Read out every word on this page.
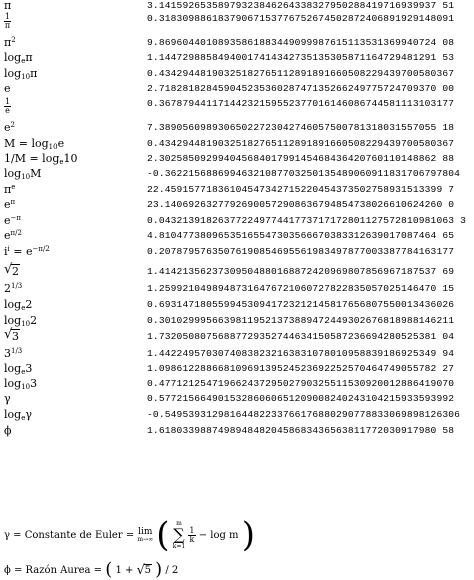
π	3.14159265358979323846264338327950288419716939937 51
$\frac{1}{\pi}$	0.31830988618379067153776752674502872406891929148091
$\pi^2$	9.86960440108935861883449099987615113531369940724 08
$\log_e\pi$	1.14472988584940017414342735135305871164729481291 53
$\log_{10}\pi$	0.43429448190325182765112891891660508229439700580367
e	2.71828182845904523536028747135266249775724709370 00
$\frac{1}{e}$	0.36787944117144232159552377016146086744581113103177
$e^2$	7.38905609893065022723042746057500781318031557055 18
$M = \log_{10}e$	0.43429448190325182765112891891660508229439700580367
$1/M = \log_e10$	2.30258509299404568401799145468436420760110148862 88
$\log_{10}M$	-0.36221568869946321087703250135489060911831706797804
$\pi^e$	22.45915771836104547342715220454373502758931513399 7
$e^\pi$	23.14069263277926900572908636794854738026610624260 0
$e^{-\pi}$	0.04321391826377224977441773717172801127572810981063 3
$e^{\pi/2}$	4.81047738096535165547303566670383312639017087464 65
$i^i = e^{-\pi/2}$	0.20787957635076190854695561983497877003387784163177
√ 2	1.41421356237309504880168872420969807856967187537 69
$2^{1/3}$	1.25992104989487316476721060727822835057025146470 15
$\log_e2$	0.69314718055994530941723212145817656807550013436026
$\log_{10}2$	0.30102999566398119521373889472449302676818988146211
√ 3	1.73205080756887729352744634150587236694280525381 04
$3^{1/3}$	1.44224957030740838232163831078010958839186925349 94
$\log_e3$	1.09861228866810969139524523692252570464749055782 27
$\log_{10}3$	0.47712125471966243729502790325511530920012886419070
γ	0.57721566490153286060651209008240243104215933593992
$\log_e\gamma$	-0.54953931298164482233766176880290778833069898126306
ϕ	1.61803398874989484820458683436563811772030917980 58
γ = Constante de Euler = lim
m→∞ (	m
∑
k=1

$\frac{1}{k} - \log m$ )
ϕ = Razón Aurea = ( 1 + √ 5 ) / 2
